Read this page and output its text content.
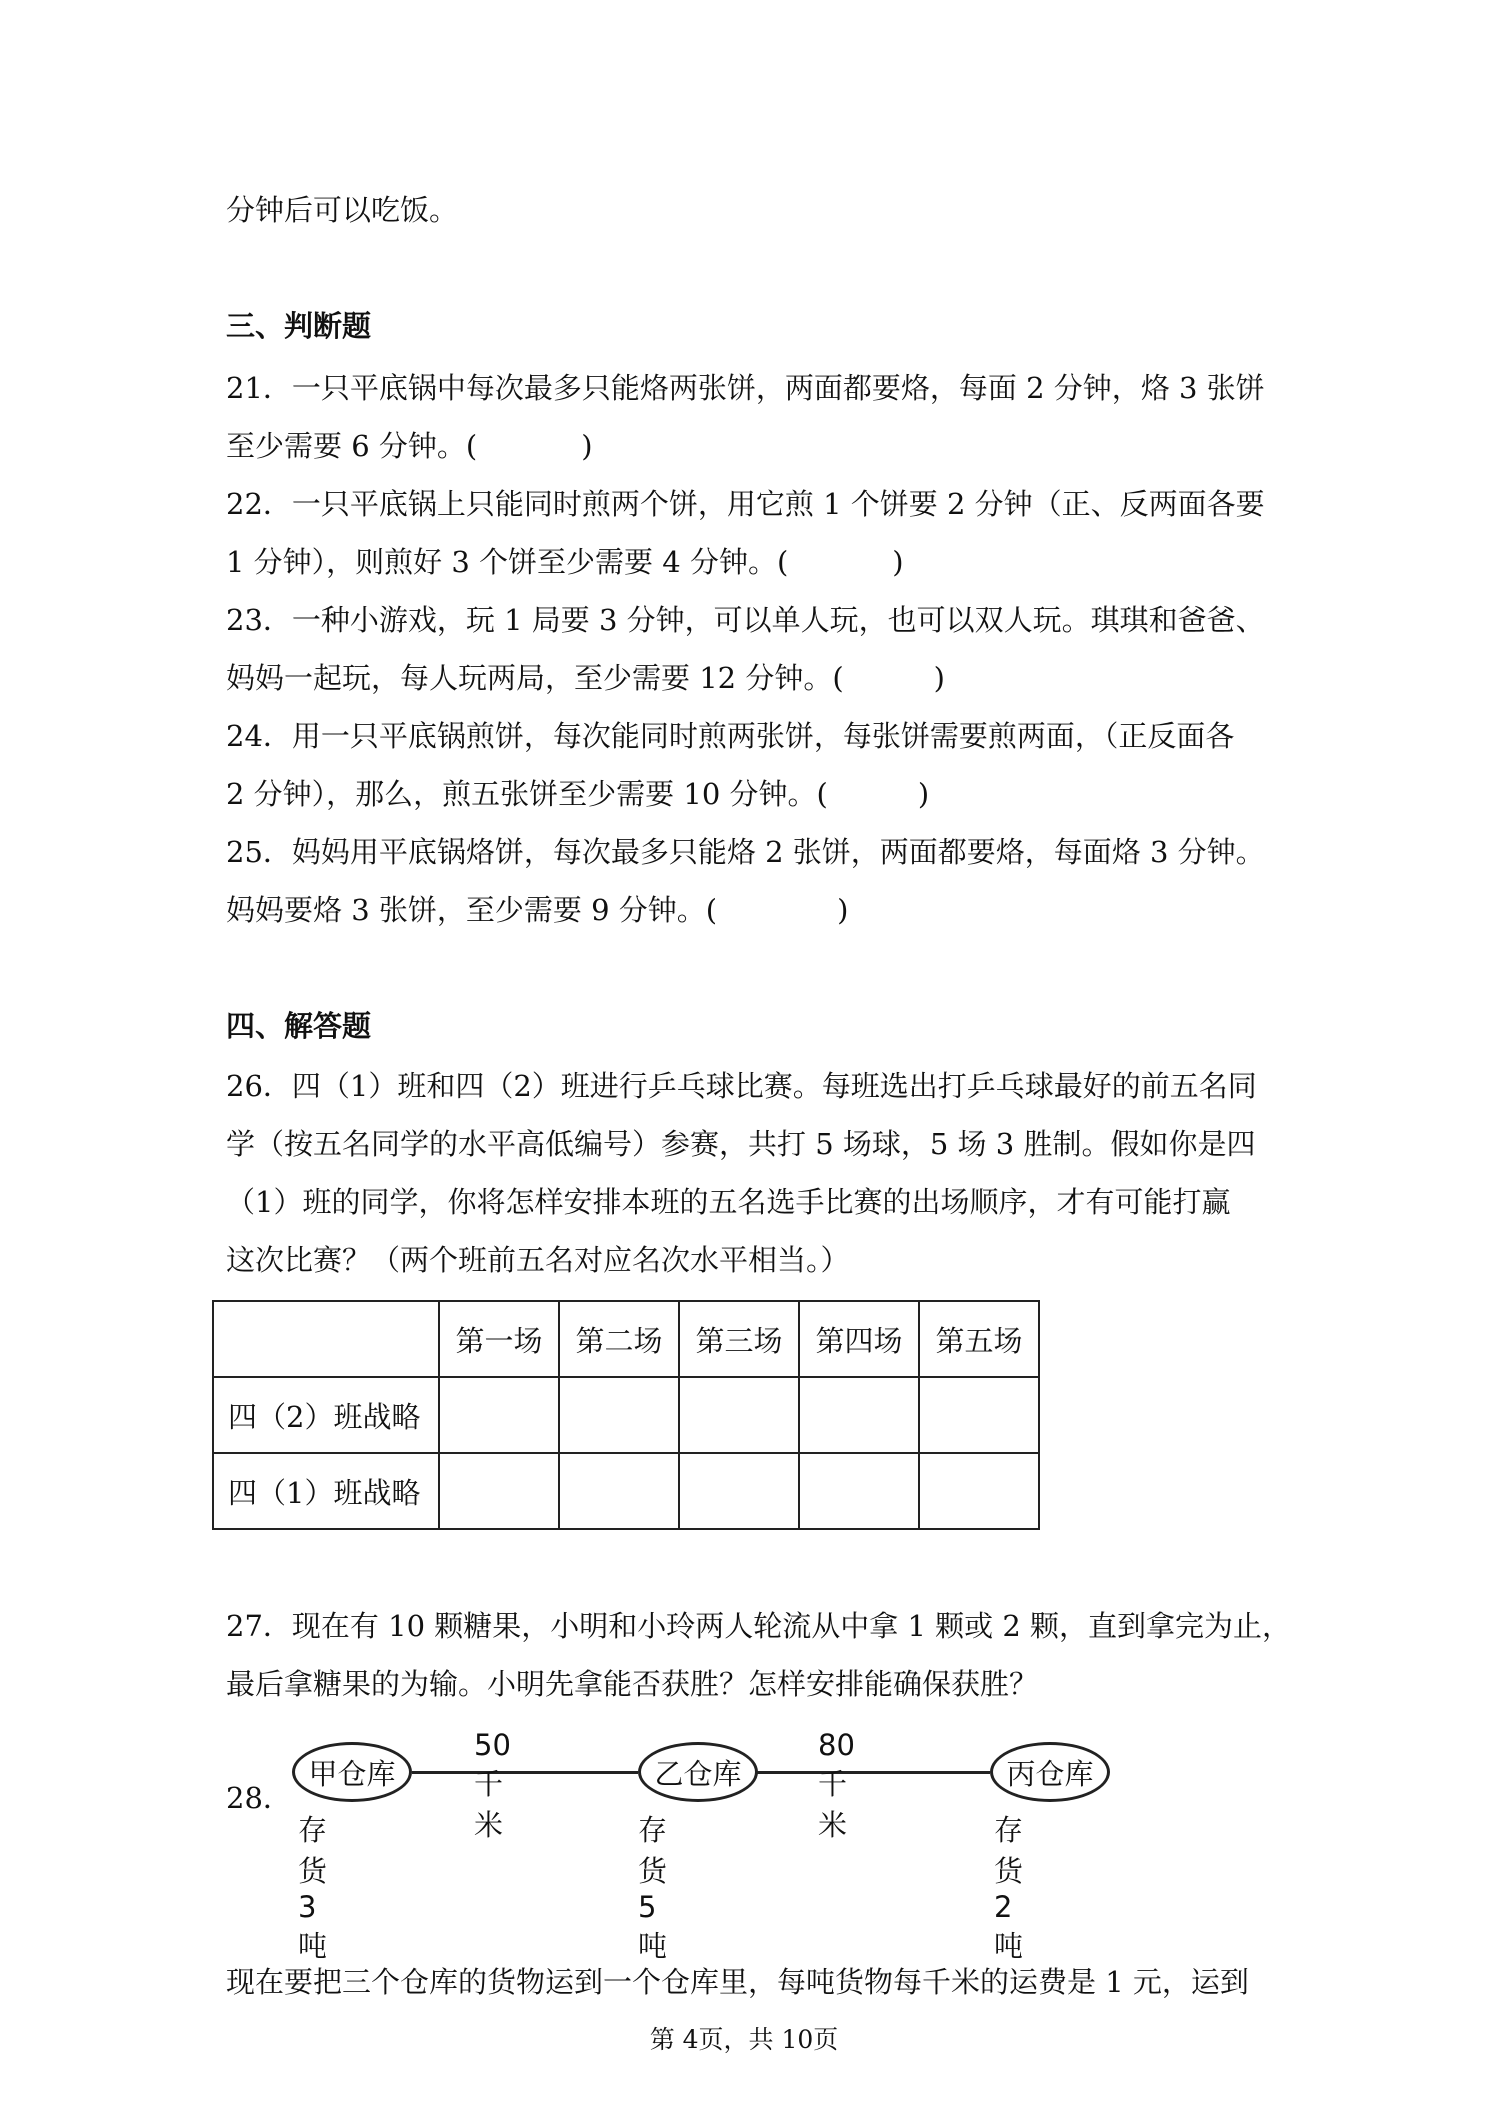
分钟后可以吃饭。
三、判断题
21．一只平底锅中每次最多只能烙两张饼，两面都要烙，每面 2 分钟，烙 3 张饼
至少需要 6 分钟。(	)
22．一只平底锅上只能同时煎两个饼，用它煎 1 个饼要 2 分钟（正、反两面各要
1 分钟），则煎好 3 个饼至少需要 4 分钟。(	)
23．一种小游戏，玩 1 局要 3 分钟，可以单人玩，也可以双人玩。琪琪和爸爸、
妈妈一起玩，每人玩两局，至少需要 12 分钟。(	)
24．用一只平底锅煎饼，每次能同时煎两张饼，每张饼需要煎两面，（正反面各
2 分钟），那么，煎五张饼至少需要 10 分钟。(	)
25．妈妈用平底锅烙饼，每次最多只能烙 2 张饼，两面都要烙，每面烙 3 分钟。
妈妈要烙 3 张饼，至少需要 9 分钟。(	)
四、解答题
26．四（1）班和四（2）班进行乒乓球比赛。每班选出打乒乓球最好的前五名同
学（按五名同学的水平高低编号）参赛，共打 5 场球，5 场 3 胜制。假如你是四
（1）班的同学，你将怎样安排本班的五名选手比赛的出场顺序，才有可能打赢
这次比赛？（两个班前五名对应名次水平相当。）
	第一场	第二场	第三场	第四场	第五场
四（2）班战略					
四（1）班战略					
27．现在有 10 颗糖果，小明和小玲两人轮流从中拿 1 颗或 2 颗，直到拿完为止，
最后拿糖果的为输。小明先拿能否获胜？怎样安排能确保获胜？
28．
50 千米
80 千米
甲仓库	乙仓库	丙仓库
存货 3 吨
存货 5 吨
存货 2 吨
现在要把三个仓库的货物运到一个仓库里，每吨货物每千米的运费是 1 元，运到
第 4页，共 10页
